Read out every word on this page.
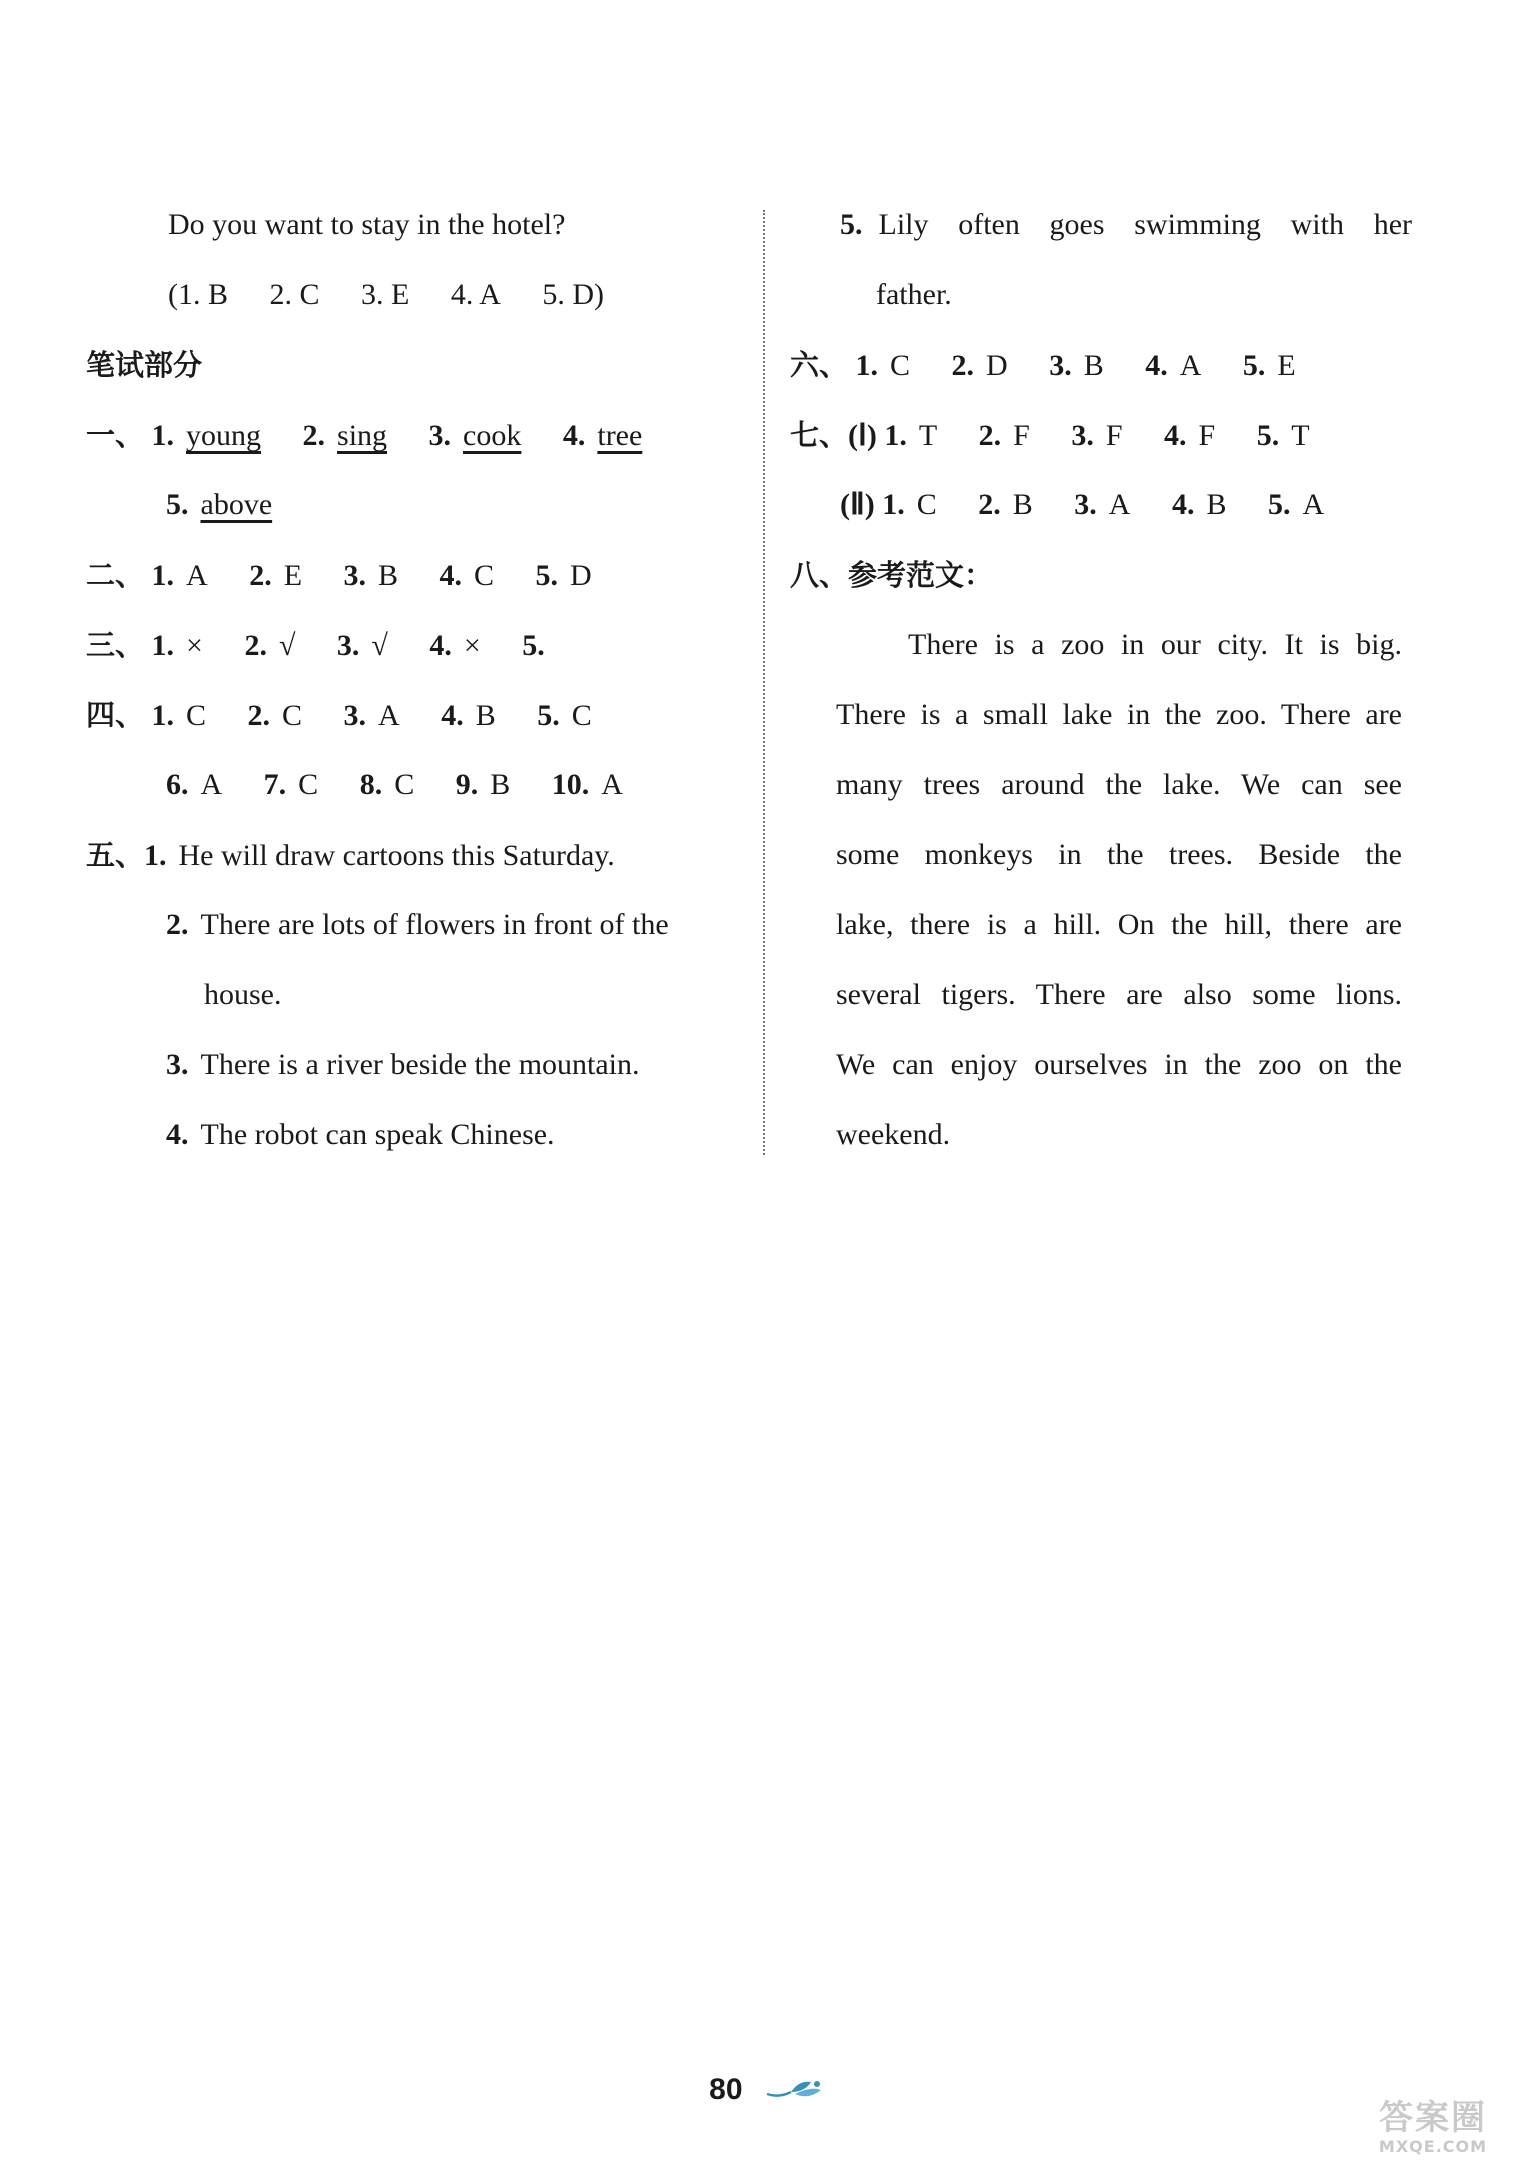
Do you want to stay in the hotel?
(1. B 2. C 3. E 4. A 5. D)
笔试部分
一、 1. young 2. sing 3. cook 4. tree
5. above
二、 1. A 2. E 3. B 4. C 5. D
三、 1. × 2. √ 3. √ 4. × 5.
四、 1. C 2. C 3. A 4. B 5. C
6. A 7. C 8. C 9. B 10. A
五、1. He will draw cartoons this Saturday.
2. There are lots of flowers in front of the
house.
3. There is a river beside the mountain.
4. The robot can speak Chinese.
5. Lily often goes swimming with her
father.
六、 1. C 2. D 3. B 4. A 5. E
七、(Ⅰ) 1. T 2. F 3. F 4. F 5. T
(Ⅱ) 1. C 2. B 3. A 4. B 5. A
八、参考范文：
There is a zoo in our city. It is big.
There is a small lake in the zoo. There are
many trees around the lake. We can see
some monkeys in the trees. Beside the
lake, there is a hill. On the hill, there are
several tigers. There are also some lions.
We can enjoy ourselves in the zoo on the
weekend.
80
答案圈
MXQE.COM
